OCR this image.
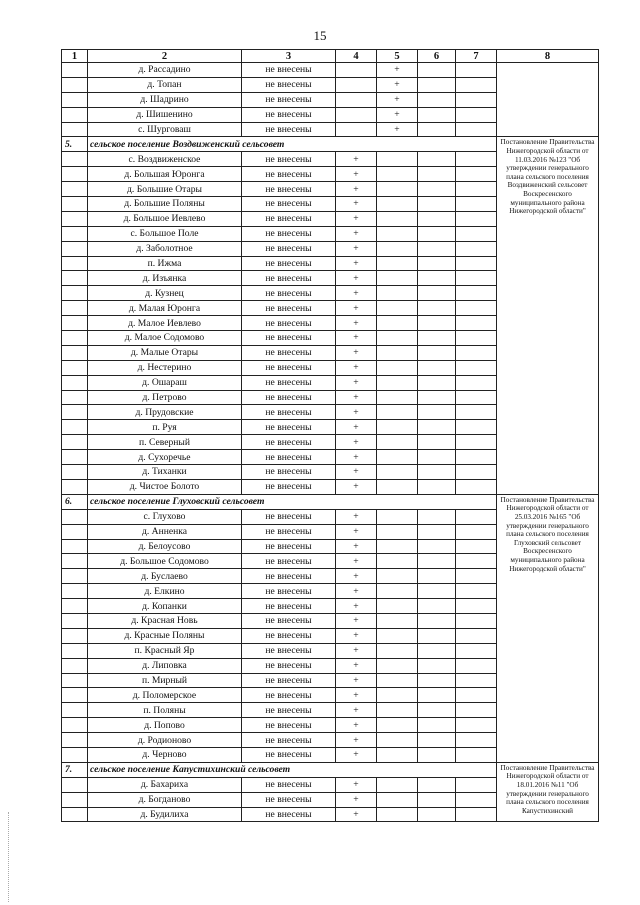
15
1	2	3	4	5	6	7	8
	д. Рассадино	не внесены		+			
	д. Топан	не внесены		+			
	д. Шадрино	не внесены		+			
	д. Шишенино	не внесены		+			
	с. Шурговаш	не внесены		+			
5.	сельское поселение Воздвиженский сельсовет						Постановление Правительства Нижегородской области от 11.03.2016 №123 "Об утверждении генерального плана сельского поселения Воздвиженский сельсовет Воскресенского муниципального района Нижегородской области"
	с. Воздвиженское	не внесены	+				
	д. Большая Юронга	не внесены	+				
	д. Большие Отары	не внесены	+				
	д. Большие Поляны	не внесены	+				
	д. Большое Иевлево	не внесены	+				
	с. Большое Поле	не внесены	+				
	д. Заболотное	не внесены	+				
	п. Ижма	не внесены	+				
	д. Изъянка	не внесены	+				
	д. Кузнец	не внесены	+				
	д. Малая Юронга	не внесены	+				
	д. Малое Иевлево	не внесены	+				
	д. Малое Содомово	не внесены	+				
	д. Малые Отары	не внесены	+				
	д. Нестерино	не внесены	+				
	д. Ошараш	не внесены	+				
	д. Петрово	не внесены	+				
	д. Прудовские	не внесены	+				
	п. Руя	не внесены	+				
	п. Северный	не внесены	+				
	д. Сухоречье	не внесены	+				
	д. Тиханки	не внесены	+				
	д. Чистое Болото	не внесены	+				
6.	сельское поселение Глуховский сельсовет						Постановление Правительства Нижегородской области от 25.03.2016 №165 "Об утверждении генерального плана сельского поселения Глуховский сельсовет Воскресенского муниципального района Нижегородской области"
	с. Глухово	не внесены	+				
	д. Анненка	не внесены	+				
	д. Белоусово	не внесены	+				
	д. Большое Содомово	не внесены	+				
	д. Буслаево	не внесены	+				
	д. Елкино	не внесены	+				
	д. Копанки	не внесены	+				
	д. Красная Новь	не внесены	+				
	д. Красные Поляны	не внесены	+				
	п. Красный Яр	не внесены	+				
	д. Липовка	не внесены	+				
	п. Мирный	не внесены	+				
	д. Поломерское	не внесены	+				
	п. Поляны	не внесены	+				
	д. Попово	не внесены	+				
	д. Родионово	не внесены	+				
	д. Черново	не внесены	+				
7.	сельское поселение Капустихинский сельсовет						Постановление Правительства Нижегородской области от 18.01.2016 №11 "Об утверждении генерального плана сельского поселения Капустихинский
	д. Бахариха	не внесены	+				
	д. Богданово	не внесены	+				
	д. Будилиха	не внесены	+				
